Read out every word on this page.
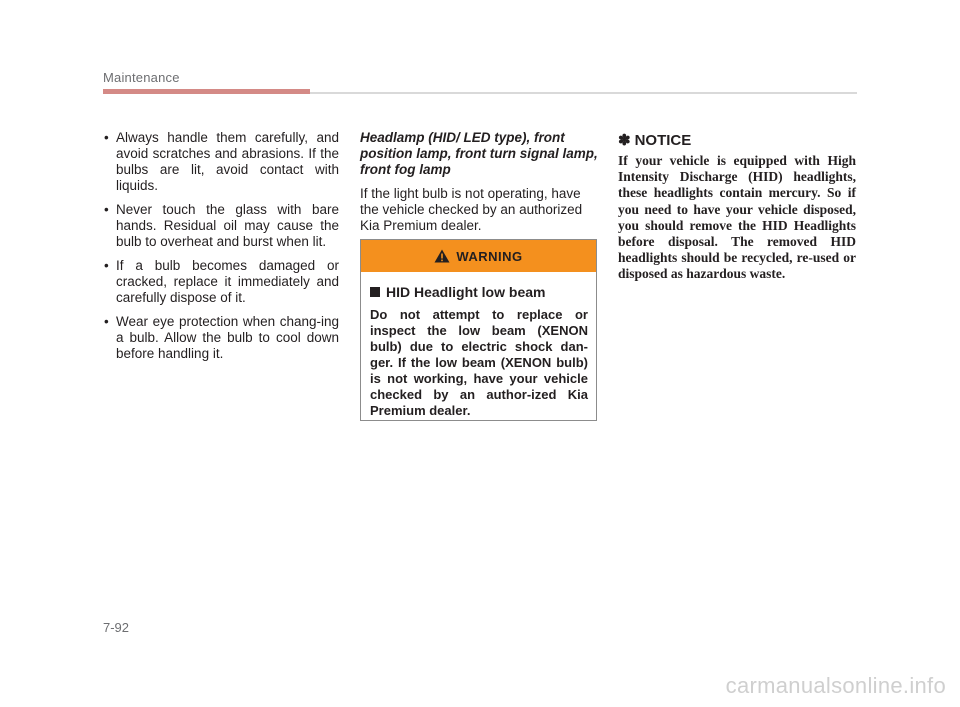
Maintenance
• Always handle them carefully, and avoid scratches and abrasions. If the bulbs are lit, avoid contact with liquids.
• Never touch the glass with bare hands. Residual oil may cause the bulb to overheat and burst when lit.
• If a bulb becomes damaged or cracked, replace it immediately and carefully dispose of it.
• Wear eye protection when chang-ing a bulb. Allow the bulb to cool down before handling it.

Headlamp (HID/ LED type), front position lamp, front turn signal lamp, front fog lamp

If the light bulb is not operating, have the vehicle checked by an authorized Kia Premium dealer.

WARNING

HID Headlight low beam

Do not attempt to replace or inspect the low beam (XENON bulb) due to electric shock dan-ger. If the low beam (XENON bulb) is not working, have your vehicle checked by an author-ized Kia Premium dealer.

✽ NOTICE

If your vehicle is equipped with High Intensity Discharge (HID) headlights, these headlights contain mercury. So if you need to have your vehicle disposed, you should remove the HID Headlights before disposal. The removed HID headlights should be recycled, re-used or disposed as hazardous waste.

7-92
carmanualsonline.info
